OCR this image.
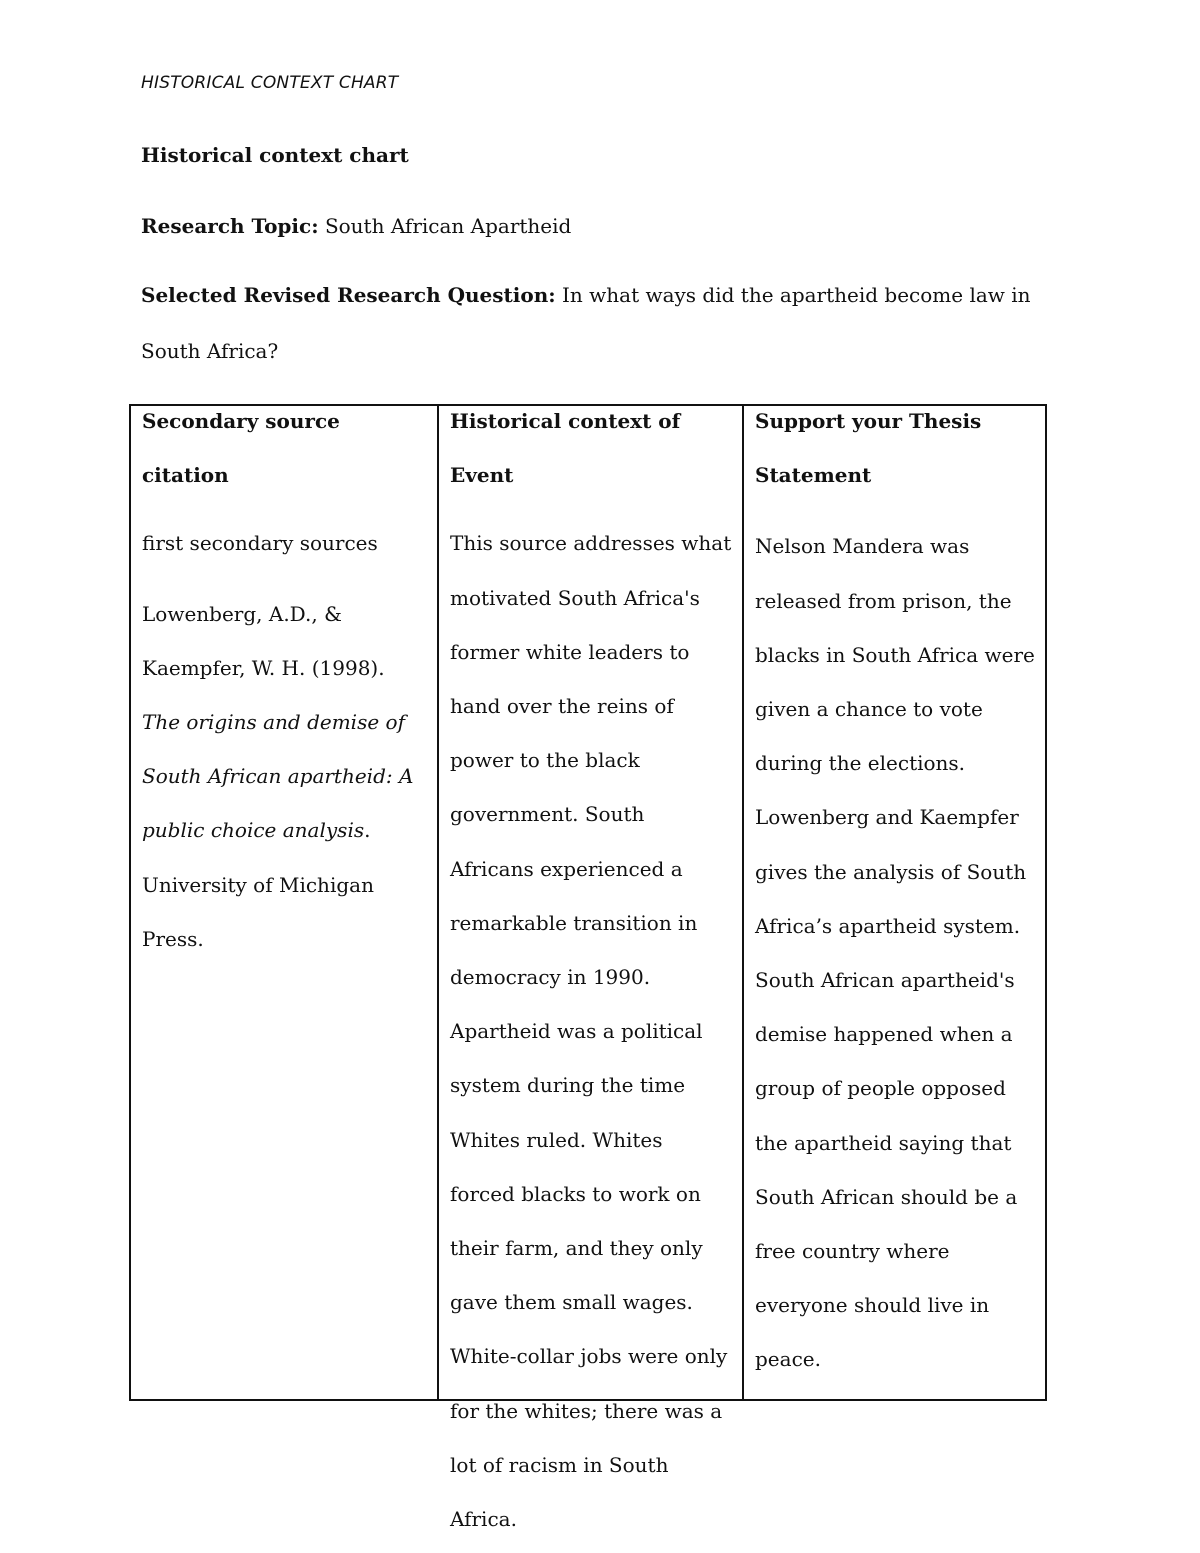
HISTORICAL CONTEXT CHART
Historical context chart
Research Topic: South African Apartheid
Selected Revised Research Question: In what ways did the apartheid become law in South Africa?
Secondary source citation

first secondary sources

Lowenberg, A.D., & Kaempfer, W. H. (1998). The origins and demise of South African apartheid: A public choice analysis. University of Michigan Press.

Historical context of Event

This source addresses what motivated South Africa's former white leaders to hand over the reins of power to the black government. South Africans experienced a remarkable transition in democracy in 1990. Apartheid was a political system during the time Whites ruled. Whites forced blacks to work on their farm, and they only gave them small wages. White-collar jobs were only for the whites; there was a lot of racism in South Africa.

Support your Thesis Statement

Nelson Mandera was released from prison, the blacks in South Africa were given a chance to vote during the elections. Lowenberg and Kaempfer gives the analysis of South Africa’s apartheid system. South African apartheid's demise happened when a group of people opposed the apartheid saying that South African should be a free country where everyone should live in peace.
